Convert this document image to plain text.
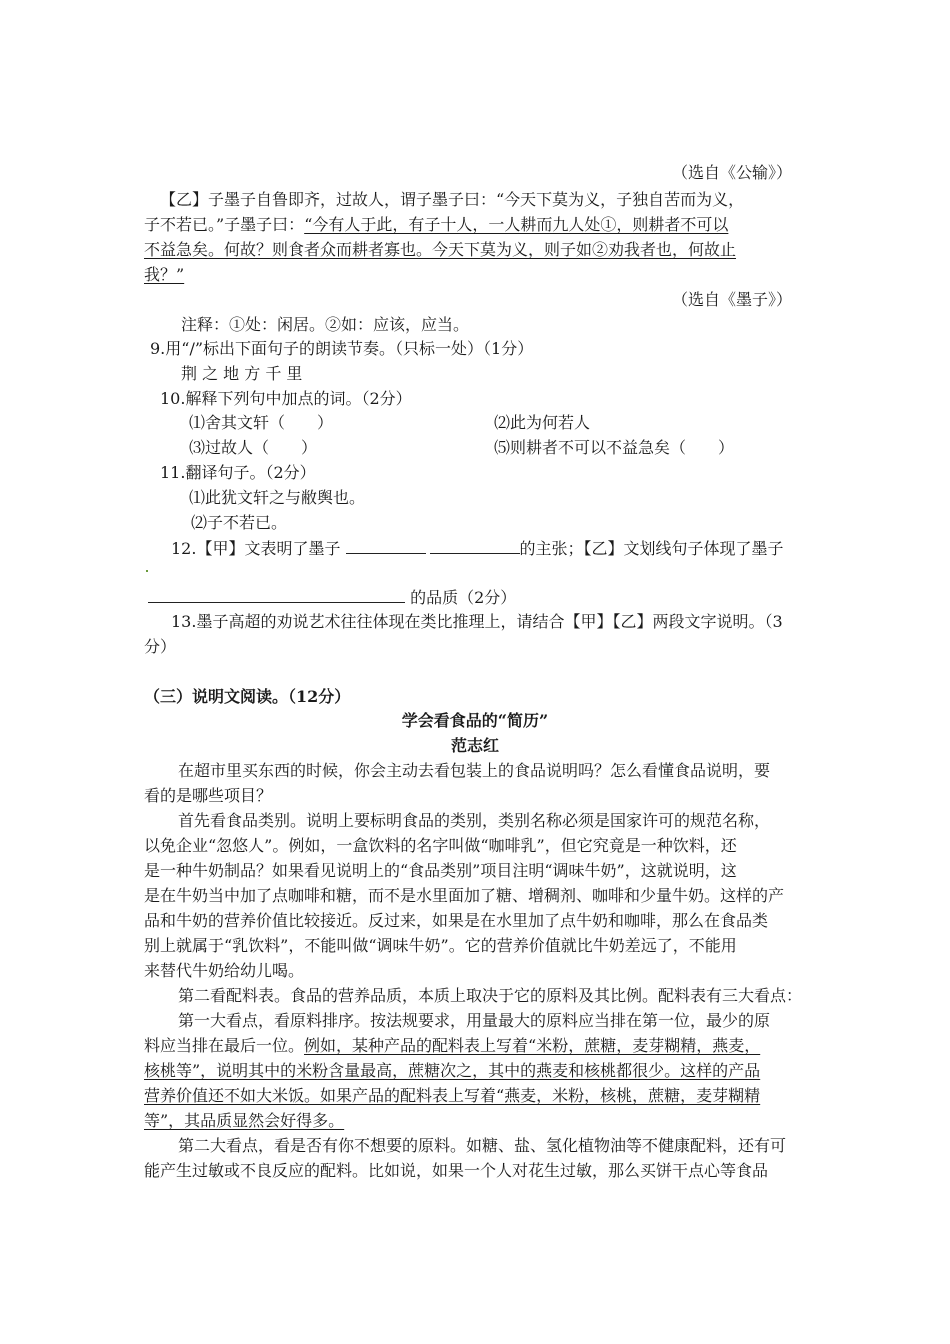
（选自《公输》）
【乙】子墨子自鲁即齐，过故人，谓子墨子曰：“今天下莫为义，子独自苦而为义，
子不若已。”子墨子曰：“今有人于此，有子十人，一人耕而九人处①，则耕者不可以
不益急矣。何故？则食者众而耕者寡也。今天下莫为义，则子如②劝我者也，何故止
我？”
（选自《墨子》）
注释：①处：闲居。②如：应该，应当。
9.用“/”标出下面句子的朗读节奏。（只标一处）（1分）
荆 之 地 方 千 里
10.解释下列句中加点的词。（2分）
⑴舍其文轩（　　）	⑵此为何若人
⑶过故人（　　）	⑸则耕者不可以不益急矣（　　）
11.翻译句子。（2分）
⑴此犹文轩之与敝舆也。
⑵子不若已。
12.【甲】文表明了墨子	的主张；【乙】文划线句子体现了墨子
的品质（2分）
13.墨子高超的劝说艺术往往体现在类比推理上，请结合【甲】【乙】两段文字说明。（3
分）
（三）说明文阅读。（12分）
学会看食品的“简历”
范志红
在超市里买东西的时候，你会主动去看包装上的食品说明吗？怎么看懂食品说明，要
看的是哪些项目？
首先看食品类别。说明上要标明食品的类别，类别名称必须是国家许可的规范名称，
以免企业“忽悠人”。例如，一盒饮料的名字叫做“咖啡乳”，但它究竟是一种饮料，还
是一种牛奶制品？如果看见说明上的“食品类别”项目注明“调味牛奶”，这就说明，这
是在牛奶当中加了点咖啡和糖，而不是水里面加了糖、增稠剂、咖啡和少量牛奶。这样的产
品和牛奶的营养价值比较接近。反过来，如果是在水里加了点牛奶和咖啡，那么在食品类
别上就属于“乳饮料”，不能叫做“调味牛奶”。它的营养价值就比牛奶差远了，不能用
来替代牛奶给幼儿喝。
第二看配料表。食品的营养品质，本质上取决于它的原料及其比例。配料表有三大看点：
第一大看点，看原料排序。按法规要求，用量最大的原料应当排在第一位，最少的原
料应当排在最后一位。例如，某种产品的配料表上写着“米粉，蔗糖，麦芽糊精，燕麦，
核桃等”，说明其中的米粉含量最高，蔗糖次之，其中的燕麦和核桃都很少。这样的产品
营养价值还不如大米饭。如果产品的配料表上写着“燕麦，米粉，核桃，蔗糖，麦芽糊精
等”，其品质显然会好得多。
第二大看点，看是否有你不想要的原料。如糖、盐、氢化植物油等不健康配料，还有可
能产生过敏或不良反应的配料。比如说，如果一个人对花生过敏，那么买饼干点心等食品
